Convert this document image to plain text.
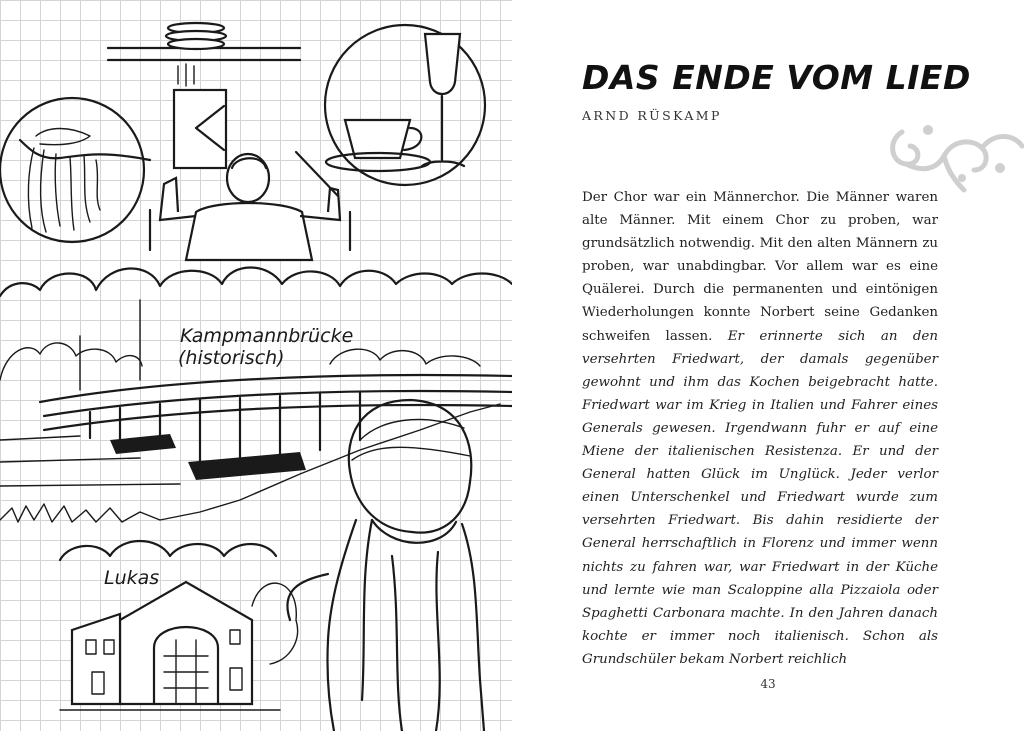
Kampmannbrücke
(historisch)
Lukas
DAS ENDE VOM LIED
ARND RÜSKAMP

Der Chor war ein Männerchor. Die Männer waren alte Männer. Mit einem Chor zu proben, war grundsätzlich notwendig. Mit den alten Männern zu proben, war unabdingbar. Vor allem war es eine Quälerei. Durch die permanenten und eintönigen Wiederholungen konnte Norbert seine Gedanken schweifen lassen. Er erinnerte sich an den versehrten Friedwart, der damals gegenüber gewohnt und ihm das Kochen beigebracht hatte. Friedwart war im Krieg in Italien und Fahrer eines Generals gewesen. Irgendwann fuhr er auf eine Miene der italienischen Resistenza. Er und der General hatten Glück im Unglück. Jeder verlor einen Unterschenkel und Friedwart wurde zum versehrten Friedwart. Bis dahin residierte der General herrschaftlich in Florenz und immer wenn nichts zu fahren war, war Friedwart in der Küche und lernte wie man Scaloppine alla Pizzaiola oder Spaghetti Carbonara machte. In den Jahren danach kochte er immer noch italienisch. Schon als Grundschüler bekam Norbert reichlich

43
